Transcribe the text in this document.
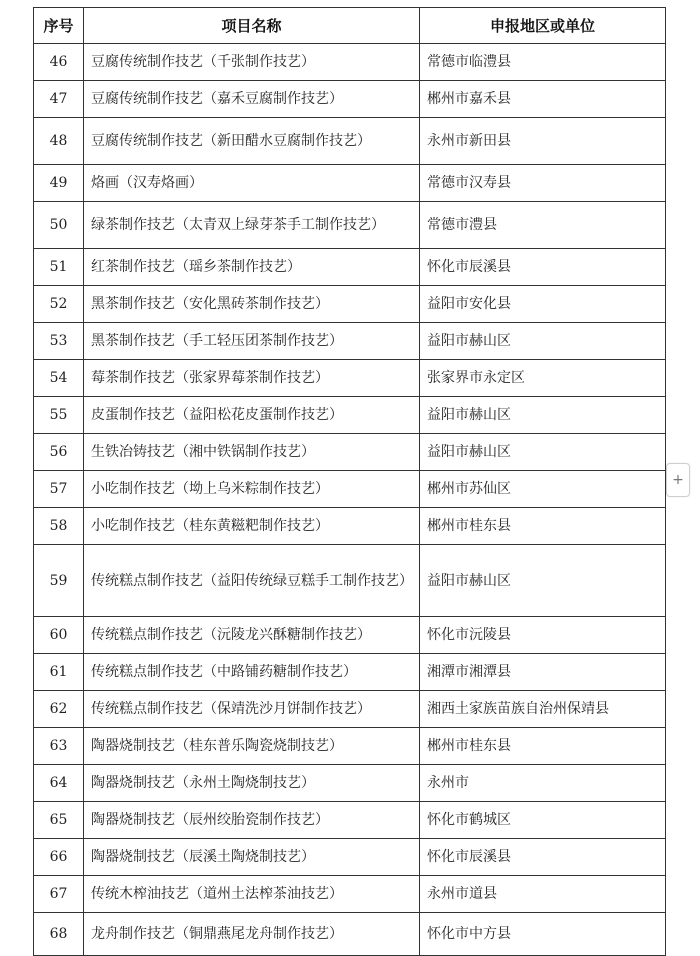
序号	项目名称	申报地区或单位
46	豆腐传统制作技艺（千张制作技艺）	常德市临澧县
47	豆腐传统制作技艺（嘉禾豆腐制作技艺）	郴州市嘉禾县
48	豆腐传统制作技艺（新田醋水豆腐制作技艺）	永州市新田县
49	烙画（汉寿烙画）	常德市汉寿县
50	绿茶制作技艺（太青双上绿芽茶手工制作技艺）	常德市澧县
51	红茶制作技艺（瑶乡茶制作技艺）	怀化市辰溪县
52	黑茶制作技艺（安化黑砖茶制作技艺）	益阳市安化县
53	黑茶制作技艺（手工轻压团茶制作技艺）	益阳市赫山区
54	莓茶制作技艺（张家界莓茶制作技艺）	张家界市永定区
55	皮蛋制作技艺（益阳松花皮蛋制作技艺）	益阳市赫山区
56	生铁冶铸技艺（湘中铁锅制作技艺）	益阳市赫山区
57	小吃制作技艺（坳上乌米粽制作技艺）	郴州市苏仙区
58	小吃制作技艺（桂东黄糍粑制作技艺）	郴州市桂东县
59	传统糕点制作技艺（益阳传统绿豆糕手工制作技艺）	益阳市赫山区
60	传统糕点制作技艺（沅陵龙兴酥糖制作技艺）	怀化市沅陵县
61	传统糕点制作技艺（中路铺药糖制作技艺）	湘潭市湘潭县
62	传统糕点制作技艺（保靖洗沙月饼制作技艺）	湘西土家族苗族自治州保靖县
63	陶器烧制技艺（桂东普乐陶瓷烧制技艺）	郴州市桂东县
64	陶器烧制技艺（永州土陶烧制技艺）	永州市
65	陶器烧制技艺（辰州绞胎瓷制作技艺）	怀化市鹤城区
66	陶器烧制技艺（辰溪土陶烧制技艺）	怀化市辰溪县
67	传统木榨油技艺（道州土法榨茶油技艺）	永州市道县
68	龙舟制作技艺（铜鼎燕尾龙舟制作技艺）	怀化市中方县
+
